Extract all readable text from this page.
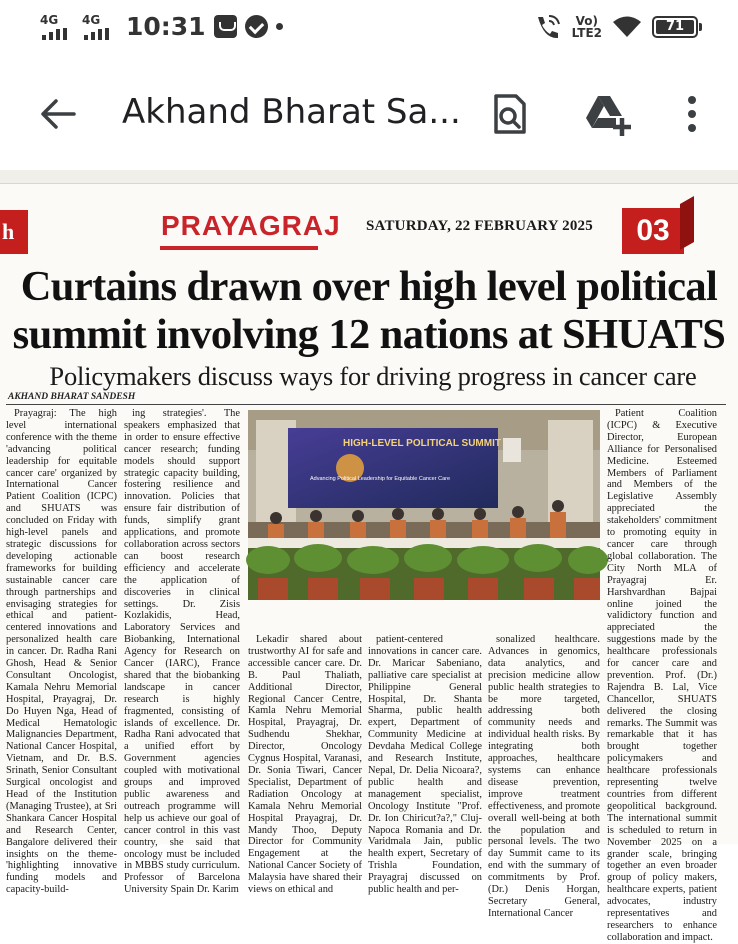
4G 4G 10:31	Vo)
LTE2	71
Akhand Bharat Sa...
h	PRAYAGRAJ SATURDAY, 22 FEBRUARY 2025	03
Curtains drawn over high level political summit involving 12 nations at SHUATS
Policymakers discuss ways for driving progress in cancer care
AKHAND BHARAT SANDESH

Prayagraj: The high level international conference with the theme 'advancing political leadership for equitable cancer care' organized by International Cancer Patient Coalition (ICPC) and SHUATS was concluded on Friday with high-level panels and strategic discussions for developing actionable frameworks for building sustainable cancer care through partnerships and envisaging strategies for ethical and patient-centered innovations and personalized health care in cancer. Dr. Radha Rani Ghosh, Head & Senior Consultant Oncologist, Kamala Nehru Memorial Hospital, Prayagraj, Dr. Do Huyen Nga, Head of Medical Hematologic Malignancies Department, National Cancer Hospital, Vietnam, and Dr. B.S. Srinath, Senior Consultant Surgical oncologist and Head of the Institution (Managing Trustee), at Sri Shankara Cancer Hospital and Research Center, Bangalore delivered their insights on the theme- 'highlighting innovative funding models and capacity-build-

ing strategies'. The speakers emphasized that in order to ensure effective cancer research; funding models should support strategic capacity building, fostering resilience and innovation. Policies that ensure fair distribution of funds, simplify grant applications, and promote collaboration across sectors can boost research efficiency and accelerate the application of discoveries in clinical settings. Dr. Zisis Kozlakidis, Head, Laboratory Services and Biobanking, International Agency for Research on Cancer (IARC), France shared that the biobanking landscape in cancer research is highly fragmented, consisting of islands of excellence. Dr. Radha Rani advocated that a unified effort by Government agencies coupled with motivational groups and improved public awareness and outreach programme will help us achieve our goal of cancer control in this vast country, she said that oncology must be included in MBBS study curriculum. Professor of Barcelona University Spain Dr. Karim

HIGH-LEVEL POLITICAL SUMMIT
Advancing Political Leadership for Equitable Cancer Care

Lekadir shared about trustworthy AI for safe and accessible cancer care. Dr. B. Paul Thaliath, Additional Director, Regional Cancer Centre, Kamla Nehru Memorial Hospital, Prayagraj, Dr. Sudhendu Shekhar, Director, Oncology Cygnus Hospital, Varanasi, Dr. Sonia Tiwari, Cancer Specialist, Department of Radiation Oncology at Kamala Nehru Memorial Hospital Prayagraj, Dr. Mandy Thoo, Deputy Director for Community Engagement at the National Cancer Society of Malaysia have shared their views on ethical and

patient-centered innovations in cancer care. Dr. Maricar Sabeniano, palliative care specialist at Philippine General Hospital, Dr. Shanta Sharma, public health expert, Department of Community Medicine at Devdaha Medical College and Research Institute, Nepal, Dr. Delia Nicoara?, public health and management specialist, Oncology Institute "Prof. Dr. Ion Chiricut?a?," Cluj-Napoca Romania and Dr. Varidmala Jain, public health expert, Secretary of Trishla Foundation, Prayagraj discussed on public health and per-

sonalized healthcare. Advances in genomics, data analytics, and precision medicine allow public health strategies to be more targeted, addressing both community needs and individual health risks. By integrating both approaches, healthcare systems can enhance disease prevention, improve treatment effectiveness, and promote overall well-being at both the population and personal levels. The two day Summit came to its end with the summary of commitments by Prof. (Dr.) Denis Horgan, Secretary General, International Cancer

Patient Coalition (ICPC) & Executive Director, European Alliance for Personalised Medicine. Esteemed Members of Parliament and Members of the Legislative Assembly appreciated the stakeholders' commitment to promoting equity in cancer care through global collaboration. The City North MLA of Prayagraj Er. Harshvardhan Bajpai online joined the validictory function and appreciated the suggestions made by the healthcare professionals for cancer care and prevention. Prof. (Dr.) Rajendra B. Lal, Vice Chancellor, SHUATS delivered the closing remarks. The Summit was remarkable that it has brought together policymakers and healthcare professionals representing twelve countries from different geopolitical background. The international summit is scheduled to return in November 2025 on a grander scale, bringing together an even broader group of policy makers, healthcare experts, patient advocates, industry representatives and researchers to enhance collaboration and impact.
